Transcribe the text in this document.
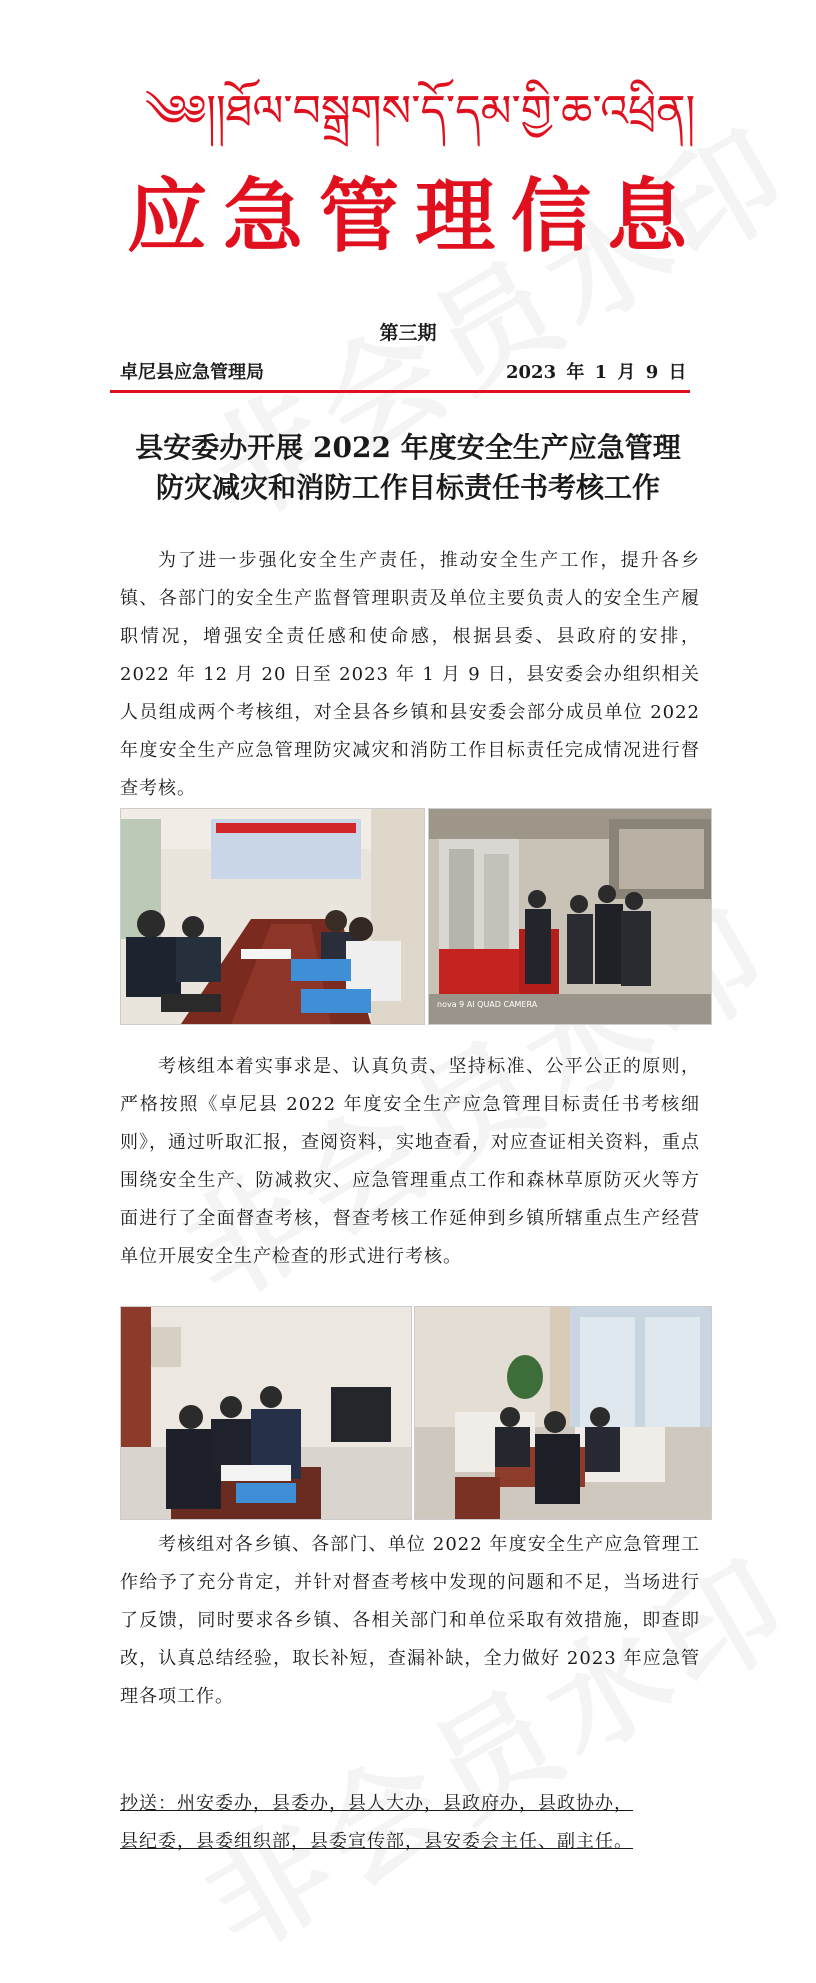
༄༅།།ཐོལ་བསྒྲགས་དོ་དམ་གྱི་ཆ་འཕྲིན།
应急管理信息
第三期
卓尼县应急管理局	2023 年 1 月 9 日
县安委办开展 2022 年度安全生产应急管理
防灾减灾和消防工作目标责任书考核工作
为了进一步强化安全生产责任，推动安全生产工作，提升各乡镇、各部门的安全生产监督管理职责及单位主要负责人的安全生产履职情况，增强安全责任感和使命感，根据县委、县政府的安排，2022 年 12 月 20 日至 2023 年 1 月 9 日，县安委会办组织相关人员组成两个考核组，对全县各乡镇和县安委会部分成员单位 2022 年度安全生产应急管理防灾减灾和消防工作目标责任完成情况进行督查考核。
nova 9 AI QUAD CAMERA
考核组本着实事求是、认真负责、坚持标准、公平公正的原则，严格按照《卓尼县 2022 年度安全生产应急管理目标责任书考核细则》，通过听取汇报，查阅资料，实地查看，对应查证相关资料，重点围绕安全生产、防减救灾、应急管理重点工作和森林草原防灭火等方面进行了全面督查考核，督查考核工作延伸到乡镇所辖重点生产经营单位开展安全生产检查的形式进行考核。
考核组对各乡镇、各部门、单位 2022 年度安全生产应急管理工作给予了充分肯定，并针对督查考核中发现的问题和不足，当场进行了反馈，同时要求各乡镇、各相关部门和单位采取有效措施，即查即改，认真总结经验，取长补短，查漏补缺，全力做好 2023 年应急管理各项工作。
抄送：州安委办，县委办，县人大办，县政府办，县政协办，
县纪委，县委组织部，县委宣传部，县安委会主任、副主任。
